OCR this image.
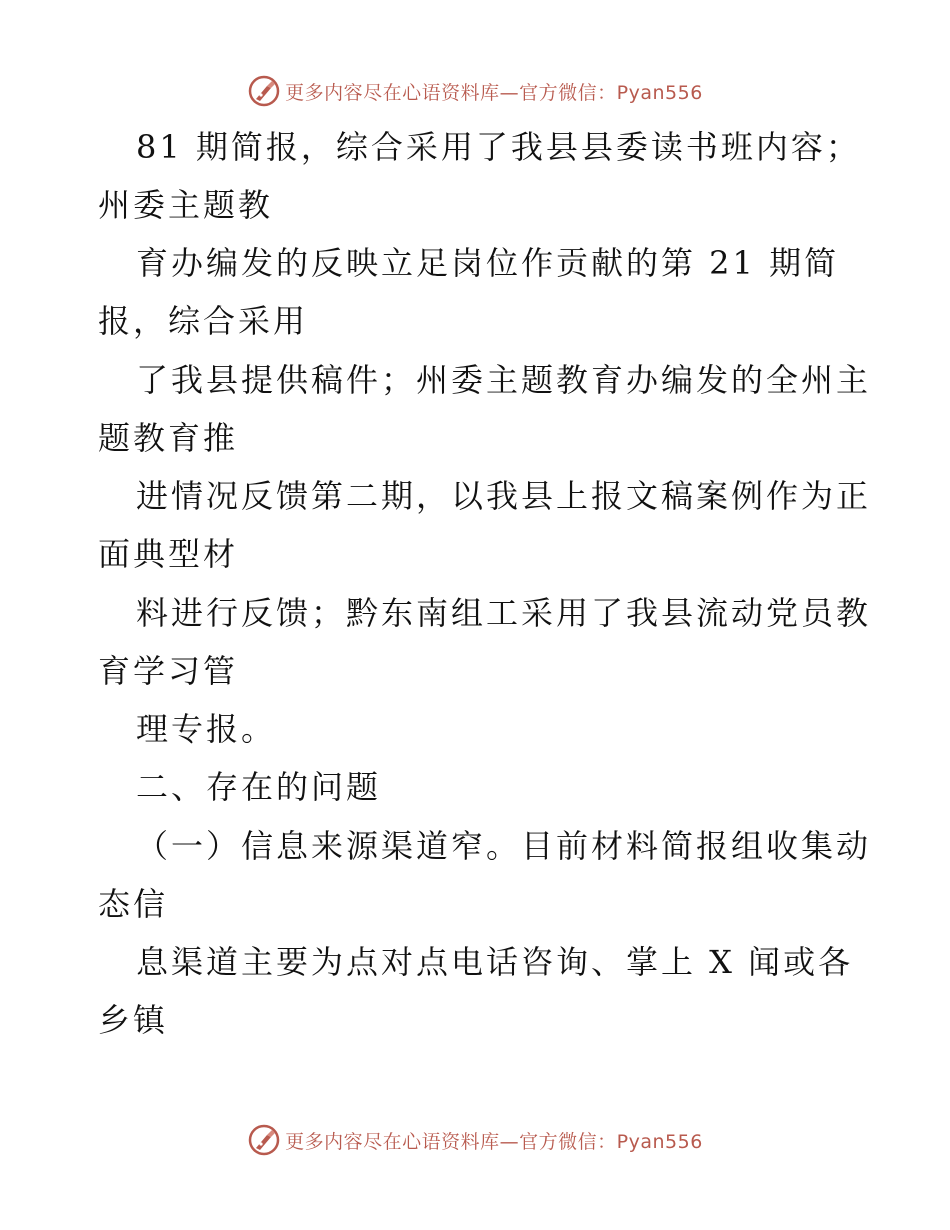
更多内容尽在心语资料库—官方微信：Pyan556
81 期简报，综合采用了我县县委读书班内容；
州委主题教
育办编发的反映立足岗位作贡献的第 21 期简
报，综合采用
了我县提供稿件；州委主题教育办编发的全州主
题教育推
进情况反馈第二期，以我县上报文稿案例作为正
面典型材
料进行反馈；黔东南组工采用了我县流动党员教
育学习管
理专报。
二、存在的问题
（一）信息来源渠道窄。目前材料简报组收集动
态信
息渠道主要为点对点电话咨询、掌上 X 闻或各
乡镇
更多内容尽在心语资料库—官方微信：Pyan556
